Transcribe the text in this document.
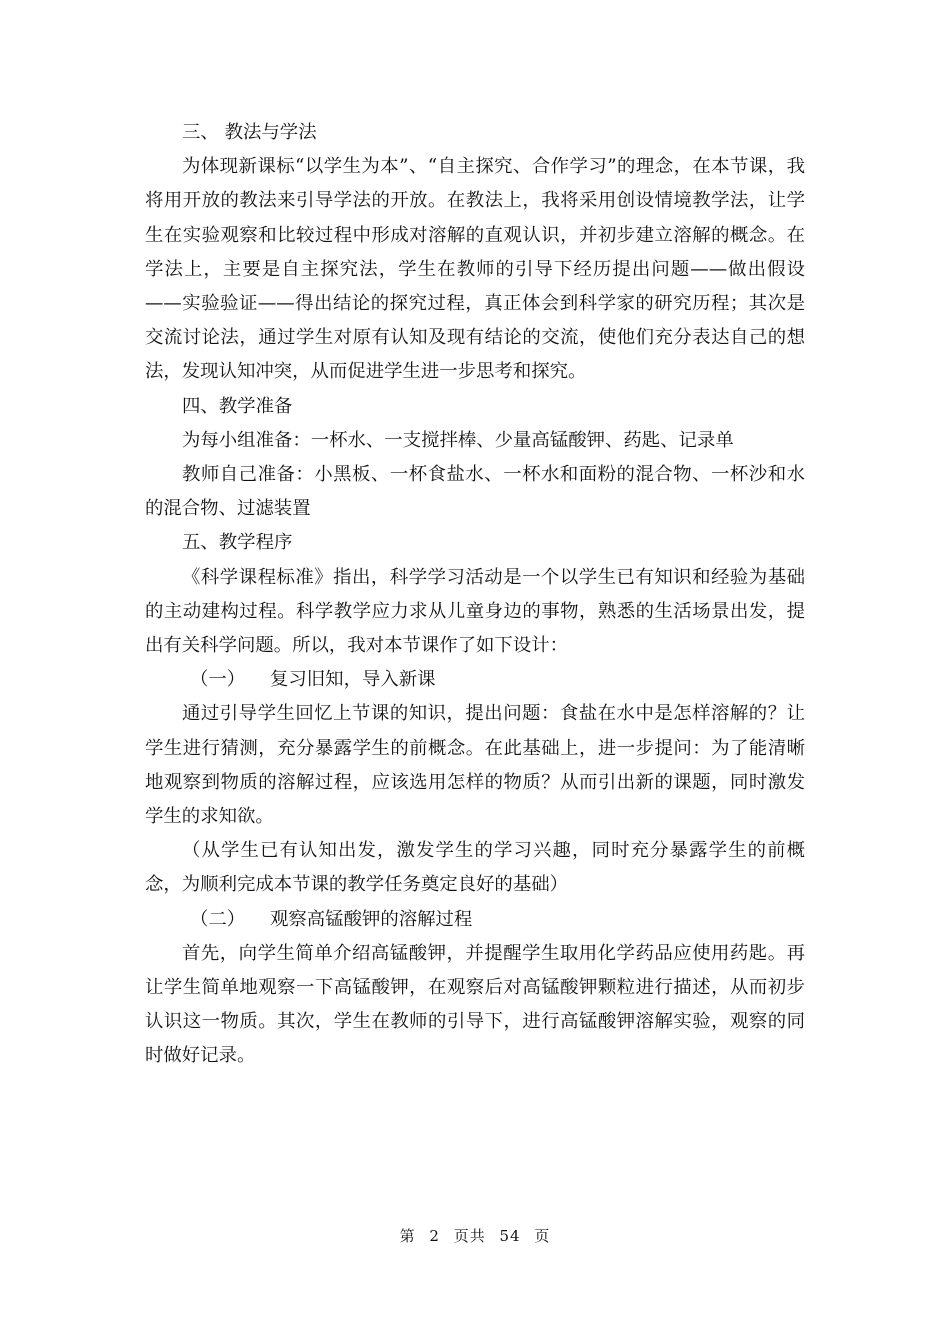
三、 教法与学法

为体现新课标“以学生为本”、“自主探究、合作学习”的理念，在本节课，我将用开放的教法来引导学法的开放。在教法上，我将采用创设情境教学法，让学生在实验观察和比较过程中形成对溶解的直观认识，并初步建立溶解的概念。在学法上，主要是自主探究法，学生在教师的引导下经历提出问题——做出假设——实验验证——得出结论的探究过程，真正体会到科学家的研究历程；其次是交流讨论法，通过学生对原有认知及现有结论的交流，使他们充分表达自己的想法，发现认知冲突，从而促进学生进一步思考和探究。

四、教学准备

为每小组准备：一杯水、一支搅拌棒、少量高锰酸钾、药匙、记录单

教师自己准备：小黑板、一杯食盐水、一杯水和面粉的混合物、一杯沙和水的混合物、过滤装置

五、教学程序

《科学课程标准》指出，科学学习活动是一个以学生已有知识和经验为基础的主动建构过程。科学教学应力求从儿童身边的事物，熟悉的生活场景出发，提出有关科学问题。所以，我对本节课作了如下设计：

（一） 复习旧知，导入新课

通过引导学生回忆上节课的知识，提出问题：食盐在水中是怎样溶解的？让学生进行猜测，充分暴露学生的前概念。在此基础上，进一步提问：为了能清晰地观察到物质的溶解过程，应该选用怎样的物质？从而引出新的课题，同时激发学生的求知欲。

（从学生已有认知出发，激发学生的学习兴趣，同时充分暴露学生的前概念，为顺利完成本节课的教学任务奠定良好的基础）

（二） 观察高锰酸钾的溶解过程

首先，向学生简单介绍高锰酸钾，并提醒学生取用化学药品应使用药匙。再让学生简单地观察一下高锰酸钾，在观察后对高锰酸钾颗粒进行描述，从而初步认识这一物质。其次，学生在教师的引导下，进行高锰酸钾溶解实验，观察的同时做好记录。

第 2 页共 54 页
